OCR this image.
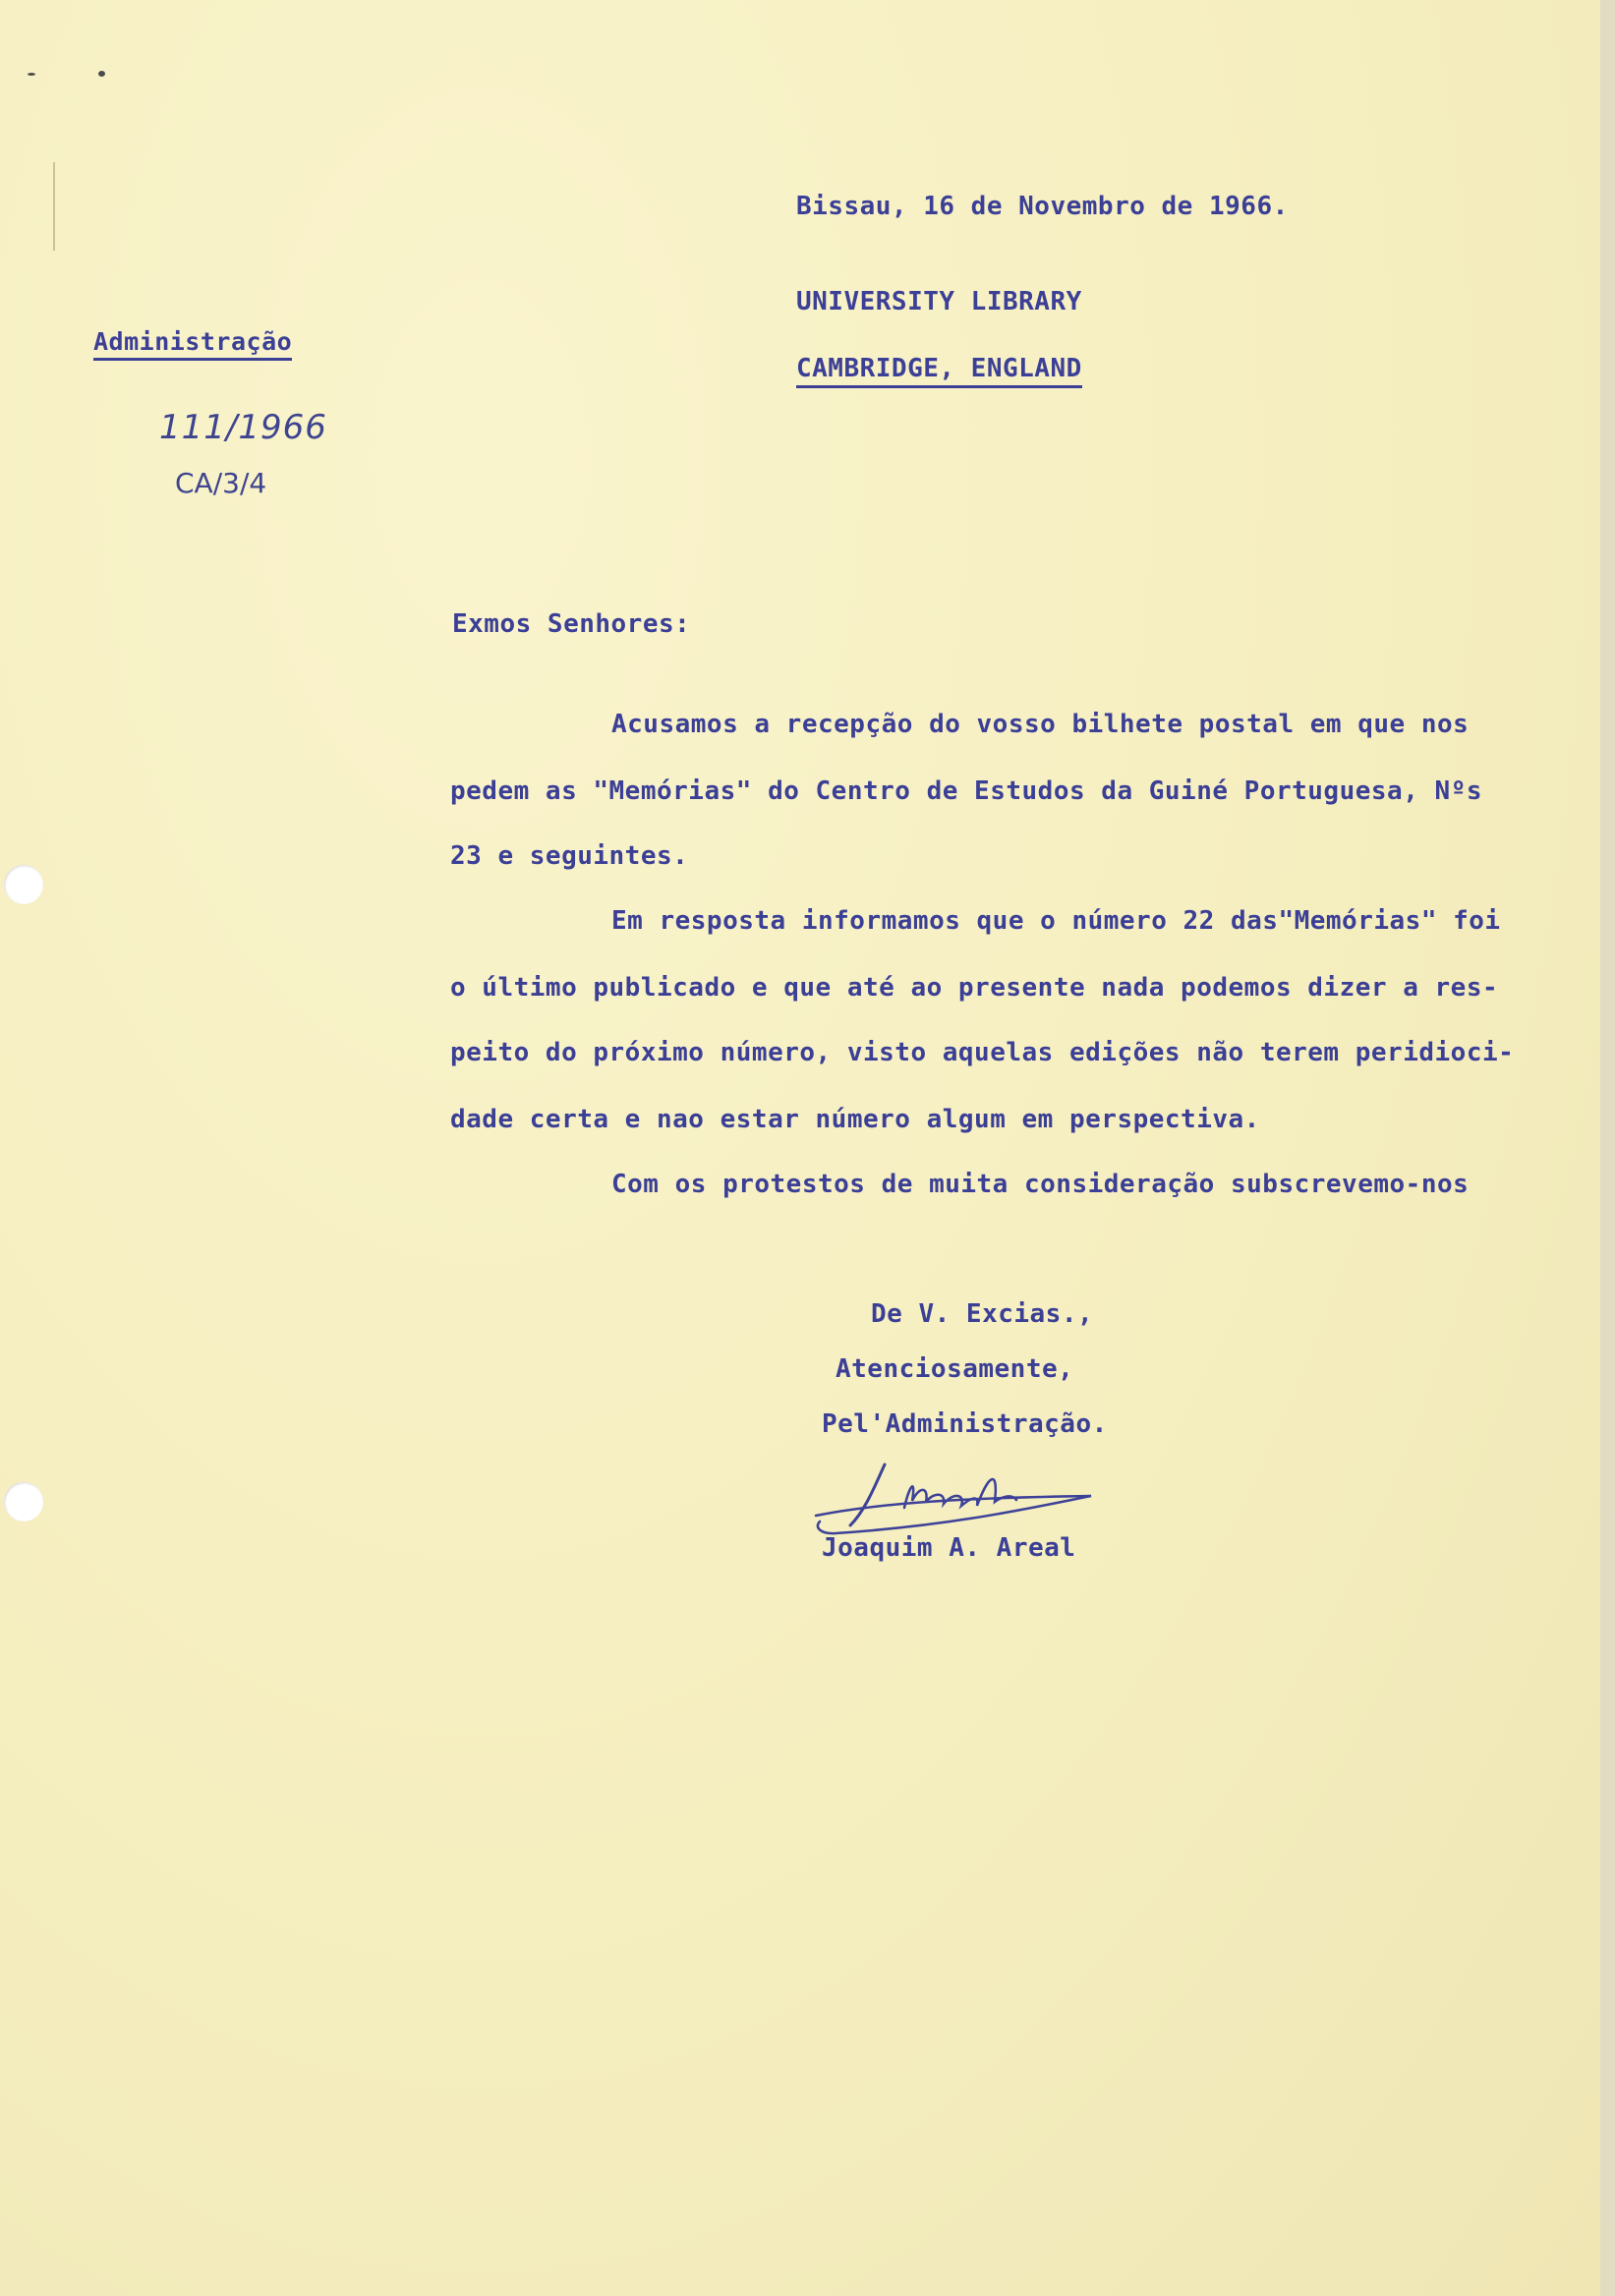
Bissau, 16 de Novembro de 1966.
UNIVERSITY LIBRARY
CAMBRIDGE, ENGLAND
Administração
111/1966
CA/3/4
Exmos Senhores:
Acusamos a recepção do vosso bilhete postal em que nos
pedem as "Memórias" do Centro de Estudos da Guiné Portuguesa, Nºs
23 e seguintes.
Em resposta informamos que o número 22 das"Memórias" foi
o último publicado e que até ao presente nada podemos dizer a res-
peito do próximo número, visto aquelas edições não terem peridioci-
dade certa e nao estar número algum em perspectiva.
Com os protestos de muita consideração subscrevemo-nos
De V. Excias.,
Atenciosamente,
Pel'Administração.
Joaquim A. Areal
